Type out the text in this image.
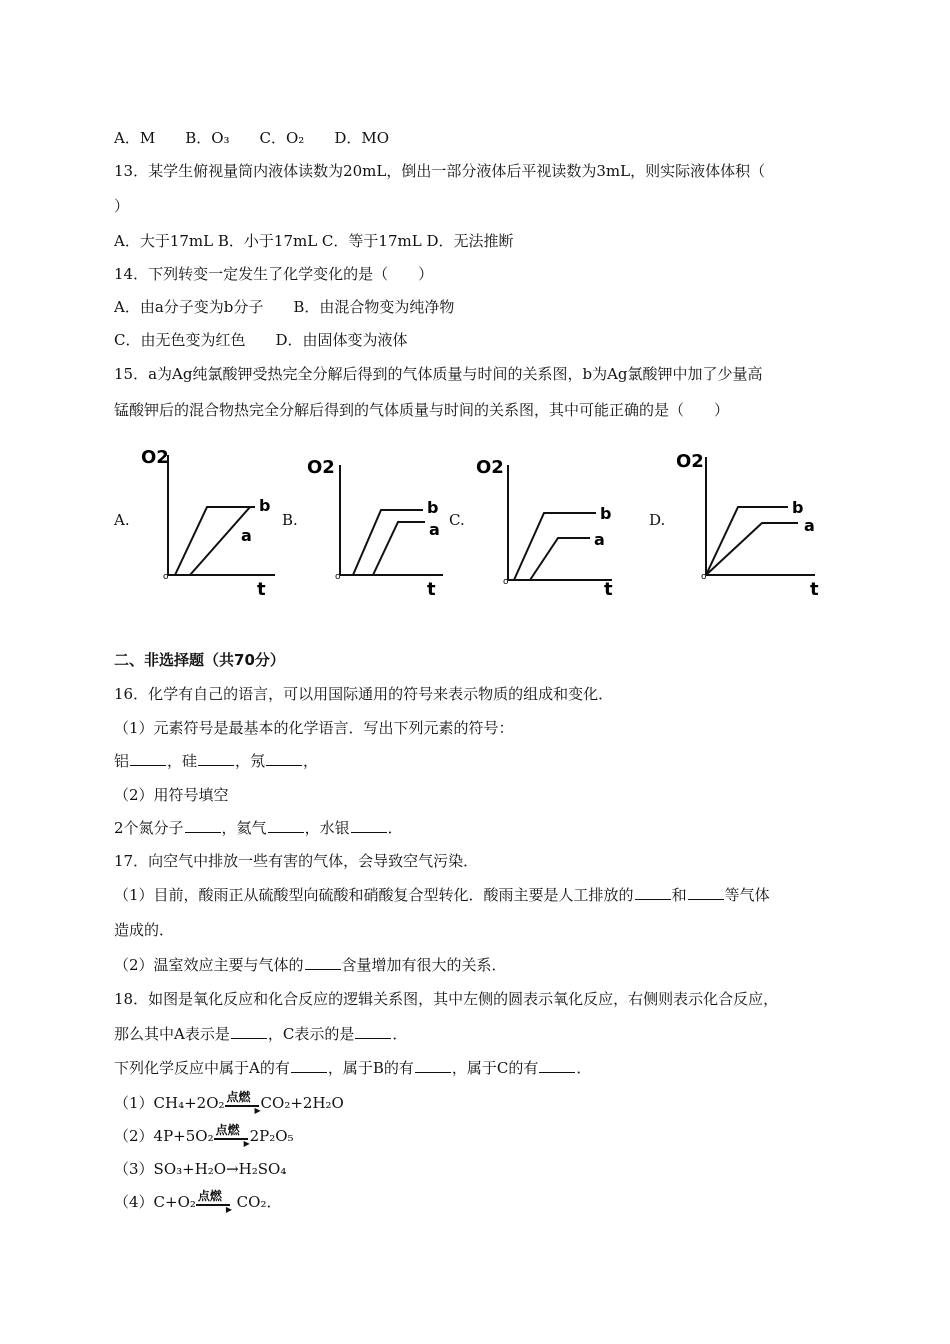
A．M　　B．O₃　　C．O₂　　D．MO
13．某学生俯视量筒内液体读数为20mL，倒出一部分液体后平视读数为3mL，则实际液体体积（
）
A．大于17mL B．小于17mL C．等于17mL D．无法推断
14．下列转变一定发生了化学变化的是（　　）
A．由a分子变为b分子　　B．由混合物变为纯净物
C．由无色变为红色　　D．由固体变为液体
15．a为Ag纯氯酸钾受热完全分解后得到的气体质量与时间的关系图，b为Ag氯酸钾中加了少量高
锰酸钾后的混合物热完全分解后得到的气体质量与时间的关系图，其中可能正确的是（　　）
A.
O2
o
b
a
t
B.
O2
o
b
a
t
C.
O2
o
b
a
t
D.
O2
o
b
a
t
二、非选择题（共70分）
16．化学有自己的语言，可以用国际通用的符号来表示物质的组成和变化．
（1）元素符号是最基本的化学语言．写出下列元素的符号：
铝	，硅	，氖	，
（2）用符号填空
2个氮分子	，氦气	，水银	．
17．向空气中排放一些有害的气体，会导致空气污染．
（1）目前，酸雨正从硫酸型向硫酸和硝酸复合型转化．酸雨主要是人工排放的	和	等气体
造成的．
（2）温室效应主要与气体的	含量增加有很大的关系．
18．如图是氧化反应和化合反应的逻辑关系图，其中左侧的圆表示氧化反应，右侧则表示化合反应，
那么其中A表示是	，C表示的是	．
下列化学反应中属于A的有	，属于B的有	，属于C的有	．
（1）CH₄+2O₂ 点燃
▶ CO₂+2H₂O
（2）4P+5O₂ 点燃
▶ 2P₂O₅
（3）SO₃+H₂O→H₂SO₄
（4）C+O₂ 点燃
▶ CO₂．
